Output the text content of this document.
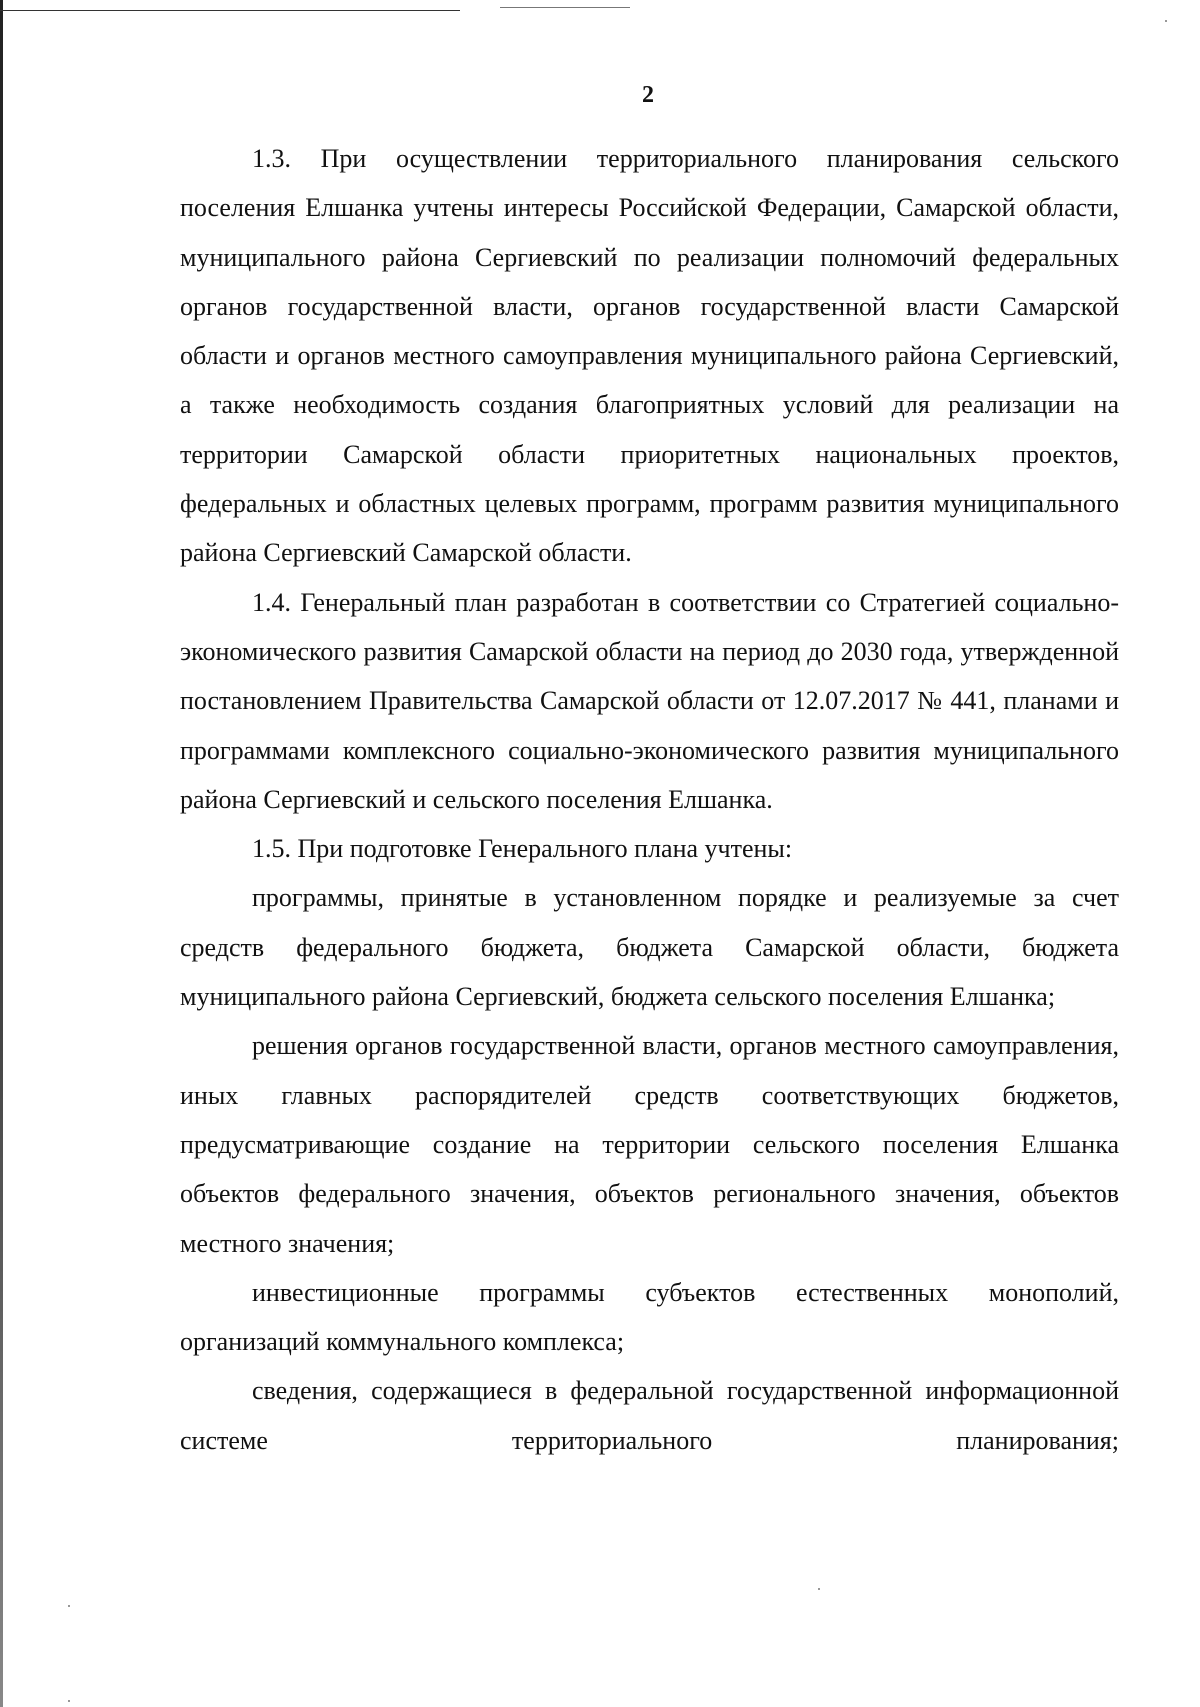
2

1.3. При осуществлении территориального планирования сельского поселения Елшанка учтены интересы Российской Федерации, Самарской области, муниципального района Сергиевский по реализации полномочий федеральных органов государственной власти, органов государственной власти Самарской области и органов местного самоуправления муниципального района Сергиевский, а также необходимость создания благоприятных условий для реализации на территории Самарской области приоритетных национальных проектов, федеральных и областных целевых программ, программ развития муниципального района Сергиевский Самарской области.

1.4. Генеральный план разработан в соответствии со Стратегией социально-экономического развития Самарской области на период до 2030 года, утвержденной постановлением Правительства Самарской области от 12.07.2017 № 441, планами и программами комплексного социально-экономического развития муниципального района Сергиевский и сельского поселения Елшанка.

1.5. При подготовке Генерального плана учтены:

программы, принятые в установленном порядке и реализуемые за счет средств федерального бюджета, бюджета Самарской области, бюджета муниципального района Сергиевский, бюджета сельского поселения Елшанка;

решения органов государственной власти, органов местного самоуправления, иных главных распорядителей средств соответствующих бюджетов, предусматривающие создание на территории сельского поселения Елшанка объектов федерального значения, объектов регионального значения, объектов местного значения;

инвестиционные программы субъектов естественных монополий, организаций коммунального комплекса;

сведения, содержащиеся в федеральной государственной информационной системе территориального планирования;
